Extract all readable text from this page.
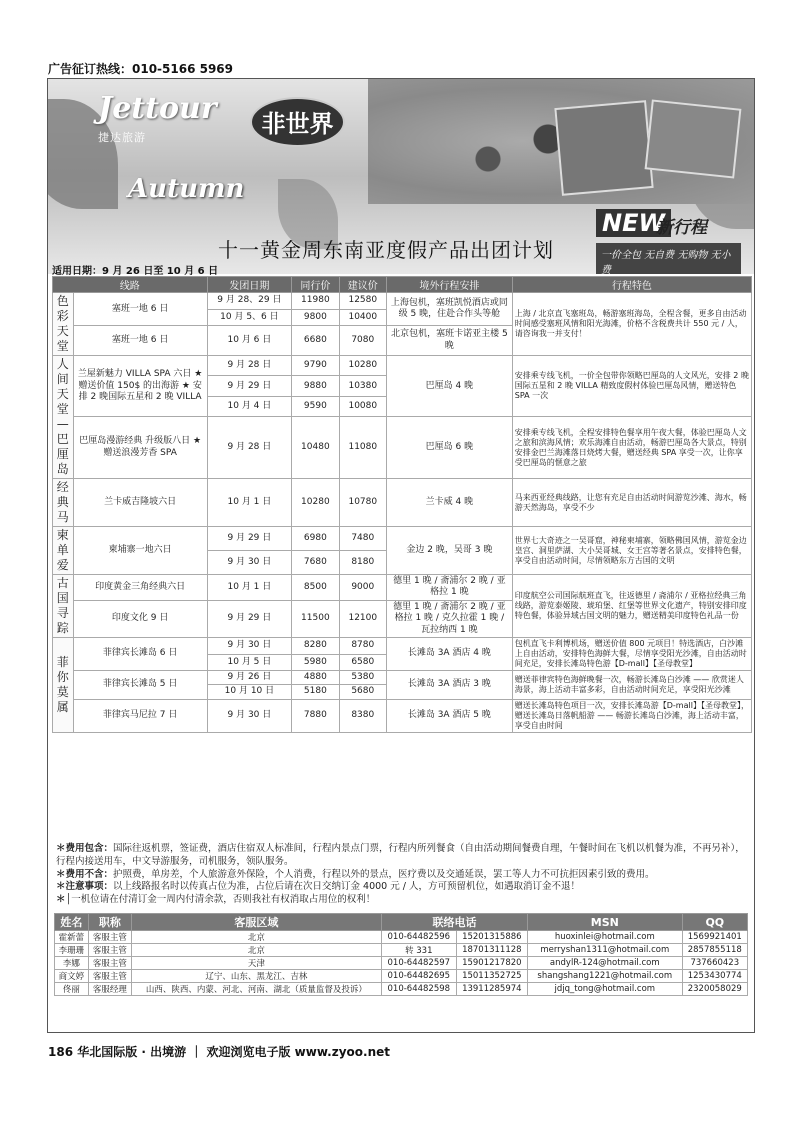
广告征订热线：010-5166 5969
Jettour
捷达旅游	非世界
Autumn
十一黄金周东南亚度假产品出团计划
NEW
新行程
一价全包 无自费 无购物 无小费
适用日期：9 月 26 日至 10 月 6 日
线路		发团日期	同行价	建议价	境外行程安排	行程特色
色彩天堂	塞班一地 6 日	9 月 28、29 日	11980	12580	上海包机，塞班凯悦酒店或同级 5 晚，住赴合作头等舱	上海 / 北京直飞塞班岛，畅游塞班海岛，全程含餐，更多自由活动时间感受塞班风情和阳光海滩，价格不含税费共计 550 元 / 人，请咨询我一并支付！
		10 月 5、6 日	9800	10400		
	塞班一地 6 日	10 月 6 日	6680	7080	北京包机，塞班卡诺亚主楼 5 晚	
人间天堂—巴厘岛	兰屋新魅力 VILLA SPA 六日 ★ 赠送价值 150$ 的出海游 ★ 安排 2 晚国际五星和 2 晚 VILLA	9 月 28 日	9790	10280	巴厘岛 4 晚	安排乘专线飞机，一价全包带你领略巴厘岛的人文风光，安排 2 晚国际五星和 2 晚 VILLA 精致度假村体验巴厘岛风情，赠送特色 SPA 一次
		9 月 29 日	9880	10380		
		10 月 4 日	9590	10080		
	巴厘岛漫游经典 升级版八日 ★ 赠送浪漫芳香 SPA	9 月 28 日	10480	11080	巴厘岛 6 晚	安排乘专线飞机，全程安排特色餐享用午夜大餐，体验巴厘岛人文之旅和滨海风情；欢乐海滩自由活动，畅游巴厘岛各大景点，特别安排金巴兰海滩落日烧烤大餐，赠送经典 SPA 享受一次，让你享受巴厘岛的惬意之旅
经典马	兰卡威吉隆坡六日	10 月 1 日	10280	10780	兰卡威 4 晚	马来西亚经典线路，让您有充足自由活动时间游览沙滩、海水，畅游天然海岛，享受不少
柬单爱	柬埔寨一地六日	9 月 29 日	6980	7480	金边 2 晚，吴哥 3 晚	世界七大奇迹之一吴哥窟，神秘柬埔寨，领略佛国风情，游览金边皇宫、洞里萨湖、大小吴哥城、女王宫等著名景点，安排特色餐，享受自由活动时间，尽情领略东方古国的文明
		9 月 30 日	7680	8180		
古国寻踪	印度黄金三角经典六日	10 月 1 日	8500	9000	德里 1 晚 / 斋浦尔 2 晚 / 亚格拉 1 晚	印度航空公司国际航班直飞，往返德里 / 斋浦尔 / 亚格拉经典三角线路，游览泰姬陵、琥珀堡、红堡等世界文化遗产，特别安排印度特色餐，体验异域古国文明的魅力，赠送精美印度特色礼品一份
	印度文化 9 日	9 月 29 日	11500	12100	德里 1 晚 / 斋浦尔 2 晚 / 亚格拉 1 晚 / 克久拉霍 1 晚 / 瓦拉纳西 1 晚	
菲你莫属	菲律宾长滩岛 6 日	9 月 30 日	8280	8780	长滩岛 3A 酒店 4 晚	包机直飞卡利博机场，赠送价值 800 元项目！特选酒店，白沙滩上自由活动，安排特色海鲜大餐，尽情享受阳光沙滩，自由活动时间充足，安排长滩岛特色游【D-mall】【圣母教堂】
		10 月 5 日	5980	6580		
	菲律宾长滩岛 5 日	9 月 26 日	4880	5380	长滩岛 3A 酒店 3 晚	赠送菲律宾特色海鲜晚餐一次，畅游长滩岛白沙滩 —— 欣赏迷人海景，海上活动丰富多彩，自由活动时间充足，享受阳光沙滩
		10 月 10 日	5180	5680		
	菲律宾马尼拉 7 日	9 月 30 日	7880	8380	长滩岛 3A 酒店 5 晚	赠送长滩岛特色项目一次，安排长滩岛游【D-mall】【圣母教堂】，赠送长滩岛日落帆船游 —— 畅游长滩岛白沙滩，海上活动丰富，享受自由时间
＊费用包含：国际往返机票，签证费，酒店住宿双人标准间，行程内景点门票，行程内所列餐食（自由活动期间餐费自理，午餐时间在飞机以机餐为准，不再另补），行程内接送用车，中文导游服务，司机服务，领队服务。
＊费用不含：护照费，单房差，个人旅游意外保险，个人消费，行程以外的景点，医疗费以及交通延误，罢工等人力不可抗拒因素引致的费用。
＊注意事项：以上线路报名时以传真占位为准，占位后请在次日交纳订金 4000 元 / 人，方可预留机位，如遇取消订金不退！
＊│一机位请在付清订金一周内付清余款，否则我社有权消取占用位的权利！
姓名	职称	客服区域	联络电话		MSN	QQ
霍新蕾	客服主管	北京	010-64482596	15201315886	huoxinlei@hotmail.com	1569921401
李珊珊	客服主管	北京	转 331	18701311128	merryshan1311@hotmail.com	2857855118
李娜	客服主管	天津	010-64482597	15901217820	andylR-124@hotmail.com	737660423
商文婷	客服主管	辽宁、山东、黑龙江、吉林	010-64482695	15011352725	shangshang1221@hotmail.com	1253430774
佟丽	客服经理	山西、陕西、内蒙、河北、河南、湖北（质量监督及投诉）	010-64482598	13911285974	jdjq_tong@hotmail.com	2320058029
186 华北国际版 · 出境游 ｜ 欢迎浏览电子版 www.zyoo.net
